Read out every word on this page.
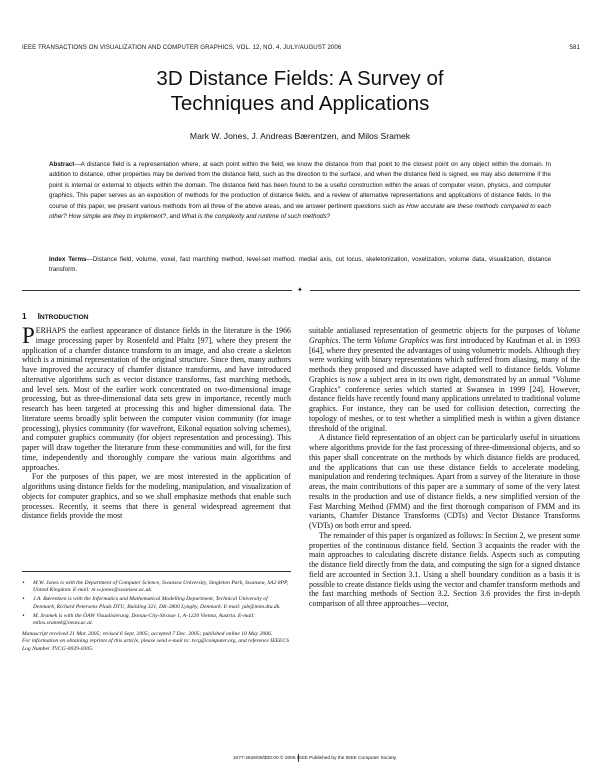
IEEE TRANSACTIONS ON VISUALIZATION AND COMPUTER GRAPHICS, VOL. 12, NO. 4, JULY/AUGUST 2006	581
3D Distance Fields: A Survey of
Techniques and Applications
Mark W. Jones, J. Andreas Bærentzen, and Milos Sramek
Abstract—A distance field is a representation where, at each point within the field, we know the distance from that point to the closest point on any object within the domain. In addition to distance, other properties may be derived from the distance field, such as the direction to the surface, and when the distance field is signed, we may also determine if the point is internal or external to objects within the domain. The distance field has been found to be a useful construction within the areas of computer vision, physics, and computer graphics. This paper serves as an exposition of methods for the production of distance fields, and a review of alternative representations and applications of distance fields. In the course of this paper, we present various methods from all three of the above areas, and we answer pertinent questions such as How accurate are these methods compared to each other? How simple are they to implement?, and What is the complexity and runtime of such methods?
Index Terms—Distance field, volume, voxel, fast marching method, level-set method, medial axis, cut locus, skeletonization, voxelization, volume data, visualization, distance transform.
✦
1 INTRODUCTION

PERHAPS the earliest appearance of distance fields in the literature is the 1966 image processing paper by Rosenfeld and Pfaltz [97], where they present the application of a chamfer distance transform to an image, and also create a skeleton which is a minimal representation of the original structure. Since then, many authors have improved the accuracy of chamfer distance transforms, and have introduced alternative algorithms such as vector distance transforms, fast marching methods, and level sets. Most of the earlier work concentrated on two-dimensional image processing, but as three-dimensional data sets grew in importance, recently much research has been targeted at processing this and higher dimensional data. The literature seems broadly split between the computer vision community (for image processing), physics community (for wavefront, Eikonal equation solving schemes), and computer graphics community (for object representation and processing). This paper will draw together the literature from these communities and will, for the first time, independently and thoroughly compare the various main algorithms and approaches.

For the purposes of this paper, we are most interested in the application of algorithms using distance fields for the modeling, manipulation, and visualization of objects for computer graphics, and so we shall emphasize methods that enable such processes. Recently, it seems that there is general widespread agreement that distance fields provide the most

• M.W. Jones is with the Department of Computer Science, Swansea University, Singleton Park, Swansea, SA2 8PP, United Kingdom. E-mail: m.w.jones@swansea.ac.uk.
• J.A. Bærentzen is with the Informatics and Mathematical Modelling Department, Technical University of Denmark, Richard Petersens Plads DTU, Building 321, DK-2800 Lyngby, Denmark. E-mail: jab@imm.dtu.dk.
• M. Sramek is with the ÖAW Visualisierung, Donau-City-Strasse 1, A-1220 Vienna, Austria. E-mail: milos.sramek@oeaw.ac.at.
Manuscript received 21 Mar. 2005; revised 6 Sept. 2005; accepted 7 Dec. 2005; published online 10 May 2006.
For information on obtaining reprints of this article, please send e-mail to: tvcg@computer.org, and reference IEEECS Log Number TVCG-0039-0305.

suitable antialiased representation of geometric objects for the purposes of Volume Graphics. The term Volume Graphics was first introduced by Kaufman et al. in 1993 [64], where they presented the advantages of using volumetric models. Although they were working with binary representations which suffered from aliasing, many of the methods they proposed and discussed have adapted well to distance fields. Volume Graphics is now a subject area in its own right, demonstrated by an annual "Volume Graphics" conference series which started at Swansea in 1999 [24]. However, distance fields have recently found many applications unrelated to traditional volume graphics. For instance, they can be used for collision detection, correcting the topology of meshes, or to test whether a simplified mesh is within a given distance threshold of the original.

A distance field representation of an object can be particularly useful in situations where algorithms provide for the fast processing of three-dimensional objects, and so this paper shall concentrate on the methods by which distance fields are produced, and the applications that can use these distance fields to accelerate modeling, manipulation and rendering techniques. Apart from a survey of the literature in those areas, the main contributions of this paper are a summary of some of the very latest results in the production and use of distance fields, a new simplified version of the Fast Marching Method (FMM) and the first thorough comparison of FMM and its variants, Chamfer Distance Transforms (CDTs) and Vector Distance Transforms (VDTs) on both error and speed.

The remainder of this paper is organized as follows: In Section 2, we present some properties of the continuous distance field. Section 3 acquaints the reader with the main approaches to calculating discrete distance fields. Aspects such as computing the distance field directly from the data, and computing the sign for a signed distance field are accounted in Section 3.1. Using a shell boundary condition as a basis it is possible to create distance fields using the vector and chamfer transform methods and the fast marching methods of Section 3.2. Section 3.6 provides the first in-depth comparison of all three approaches—vector,

1077-2626/06/$20.00 © 2006 IEEE Published by the IEEE Computer Society
